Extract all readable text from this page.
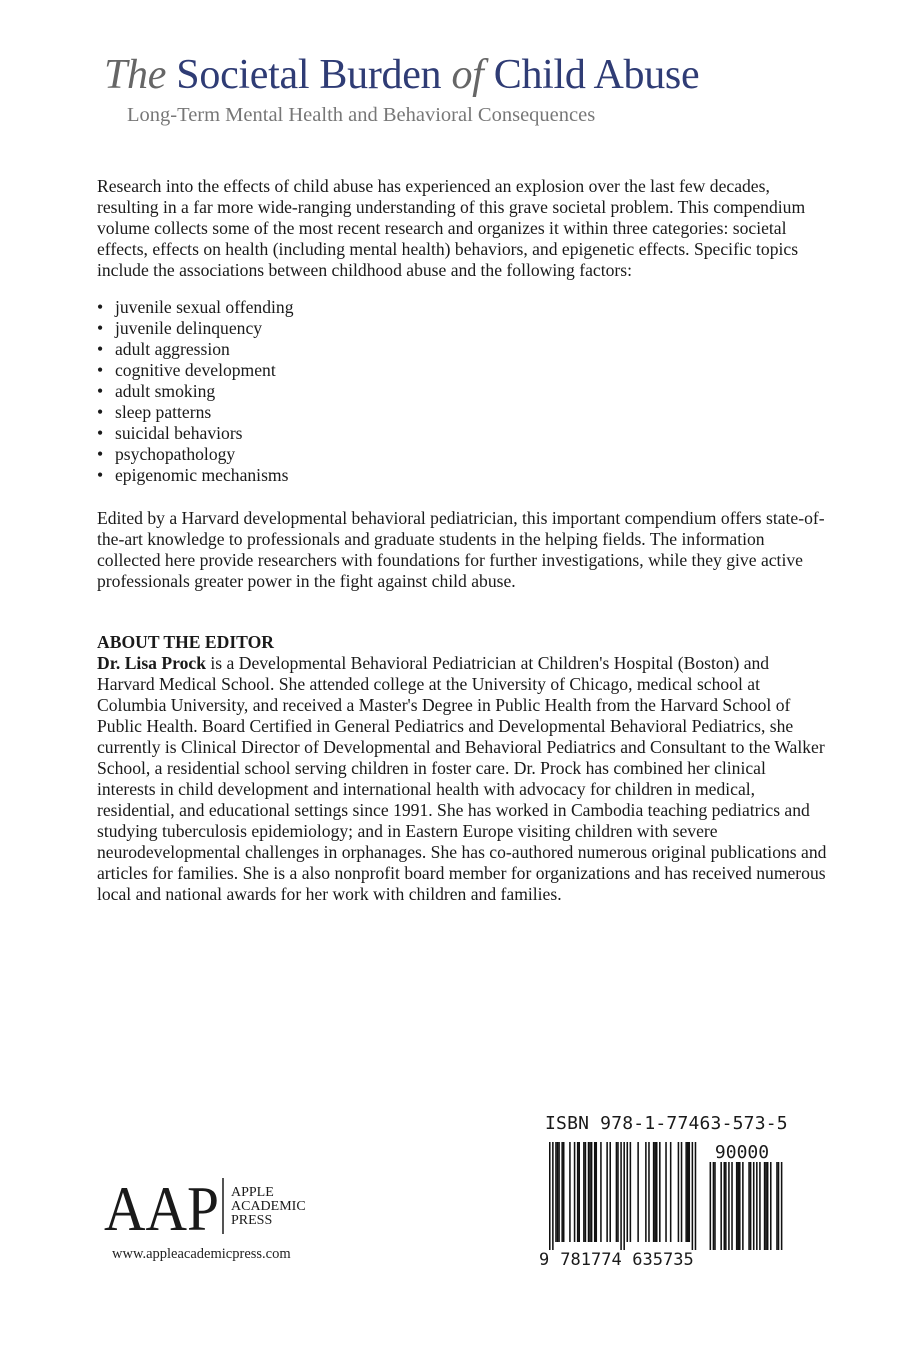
The Societal Burden of Child Abuse
Long-Term Mental Health and Behavioral Consequences

Research into the effects of child abuse has experienced an explosion over the last few decades, resulting in a far more wide-ranging understanding of this grave societal problem. This compendium volume collects some of the most recent research and organizes it within three categories: societal effects, effects on health (including mental health) behaviors, and epigenetic effects. Specific topics include the associations between childhood abuse and the following factors:

• juvenile sexual offending
• juvenile delinquency
• adult aggression
• cognitive development
• adult smoking
• sleep patterns
• suicidal behaviors
• psychopathology
• epigenomic mechanisms

Edited by a Harvard developmental behavioral pediatrician, this important compendium offers state-of-the-art knowledge to professionals and graduate students in the helping fields. The information collected here provide researchers with foundations for further investigations, while they give active professionals greater power in the fight against child abuse.

ABOUT THE EDITOR

Dr. Lisa Prock is a Developmental Behavioral Pediatrician at Children's Hospital (Boston) and Harvard Medical School. She attended college at the University of Chicago, medical school at Columbia University, and received a Master's Degree in Public Health from the Harvard School of Public Health. Board Certified in General Pediatrics and Developmental Behavioral Pediatrics, she currently is Clinical Director of Developmental and Behavioral Pediatrics and Consultant to the Walker School, a residential school serving children in foster care. Dr. Prock has combined her clinical interests in child development and international health with advocacy for children in medical, residential, and educational settings since 1991. She has worked in Cambodia teaching pediatrics and studying tuberculosis epidemiology; and in Eastern Europe visiting children with severe neurodevelopmental challenges in orphanages. She has co-authored numerous original publications and articles for families. She is a also nonprofit board member for organizations and has received numerous local and national awards for her work with children and families.

AAP APPLE
ACADEMIC
PRESS
www.appleacademicpress.com
ISBN 978-1-77463-573-5
90000
9 781774 635735
